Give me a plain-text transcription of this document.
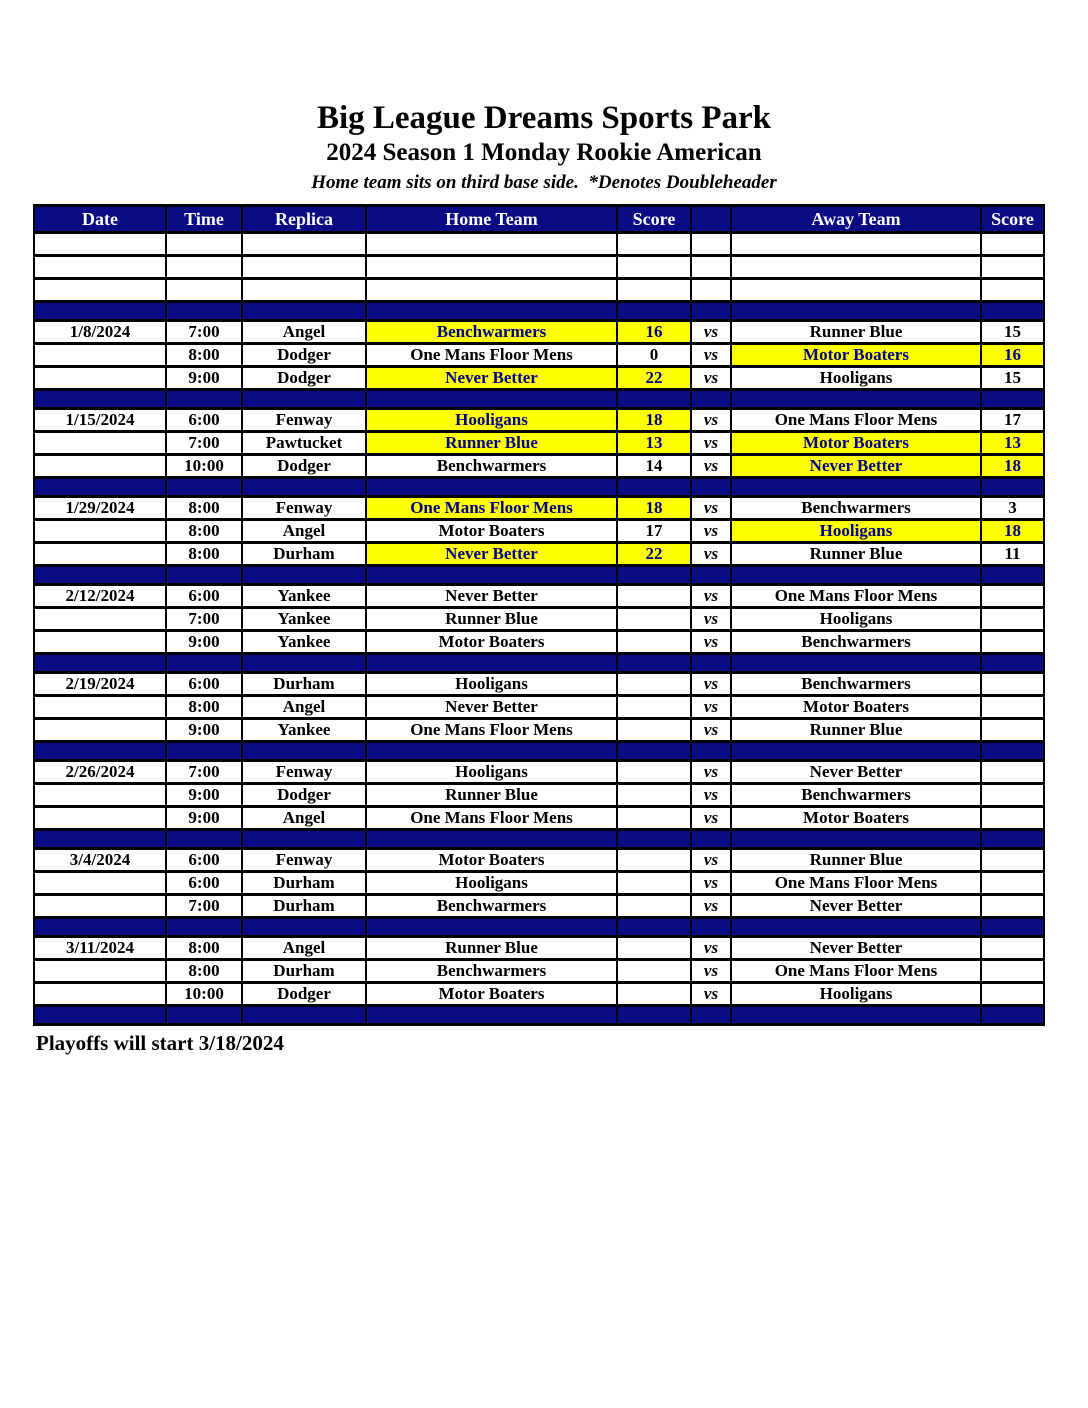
Big League Dreams Sports Park
2024 Season 1 Monday Rookie American
Home team sits on third base side.  *Denotes Doubleheader
Date	Time	Replica	Home Team	Score		Away Team	Score

1/8/2024	7:00	Angel	Benchwarmers	16	vs	Runner Blue	15
	8:00	Dodger	One Mans Floor Mens	0	vs	Motor Boaters	16
	9:00	Dodger	Never Better	22	vs	Hooligans	15

1/15/2024	6:00	Fenway	Hooligans	18	vs	One Mans Floor Mens	17
	7:00	Pawtucket	Runner Blue	13	vs	Motor Boaters	13
	10:00	Dodger	Benchwarmers	14	vs	Never Better	18

1/29/2024	8:00	Fenway	One Mans Floor Mens	18	vs	Benchwarmers	3
	8:00	Angel	Motor Boaters	17	vs	Hooligans	18
	8:00	Durham	Never Better	22	vs	Runner Blue	11

2/12/2024	6:00	Yankee	Never Better		vs	One Mans Floor Mens	
	7:00	Yankee	Runner Blue		vs	Hooligans	
	9:00	Yankee	Motor Boaters		vs	Benchwarmers	

2/19/2024	6:00	Durham	Hooligans		vs	Benchwarmers	
	8:00	Angel	Never Better		vs	Motor Boaters	
	9:00	Yankee	One Mans Floor Mens		vs	Runner Blue	

2/26/2024	7:00	Fenway	Hooligans		vs	Never Better	
	9:00	Dodger	Runner Blue		vs	Benchwarmers	
	9:00	Angel	One Mans Floor Mens		vs	Motor Boaters	

3/4/2024	6:00	Fenway	Motor Boaters		vs	Runner Blue	
	6:00	Durham	Hooligans		vs	One Mans Floor Mens	
	7:00	Durham	Benchwarmers		vs	Never Better	

3/11/2024	8:00	Angel	Runner Blue		vs	Never Better	
	8:00	Durham	Benchwarmers		vs	One Mans Floor Mens	
	10:00	Dodger	Motor Boaters		vs	Hooligans	

Playoffs will start 3/18/2024
